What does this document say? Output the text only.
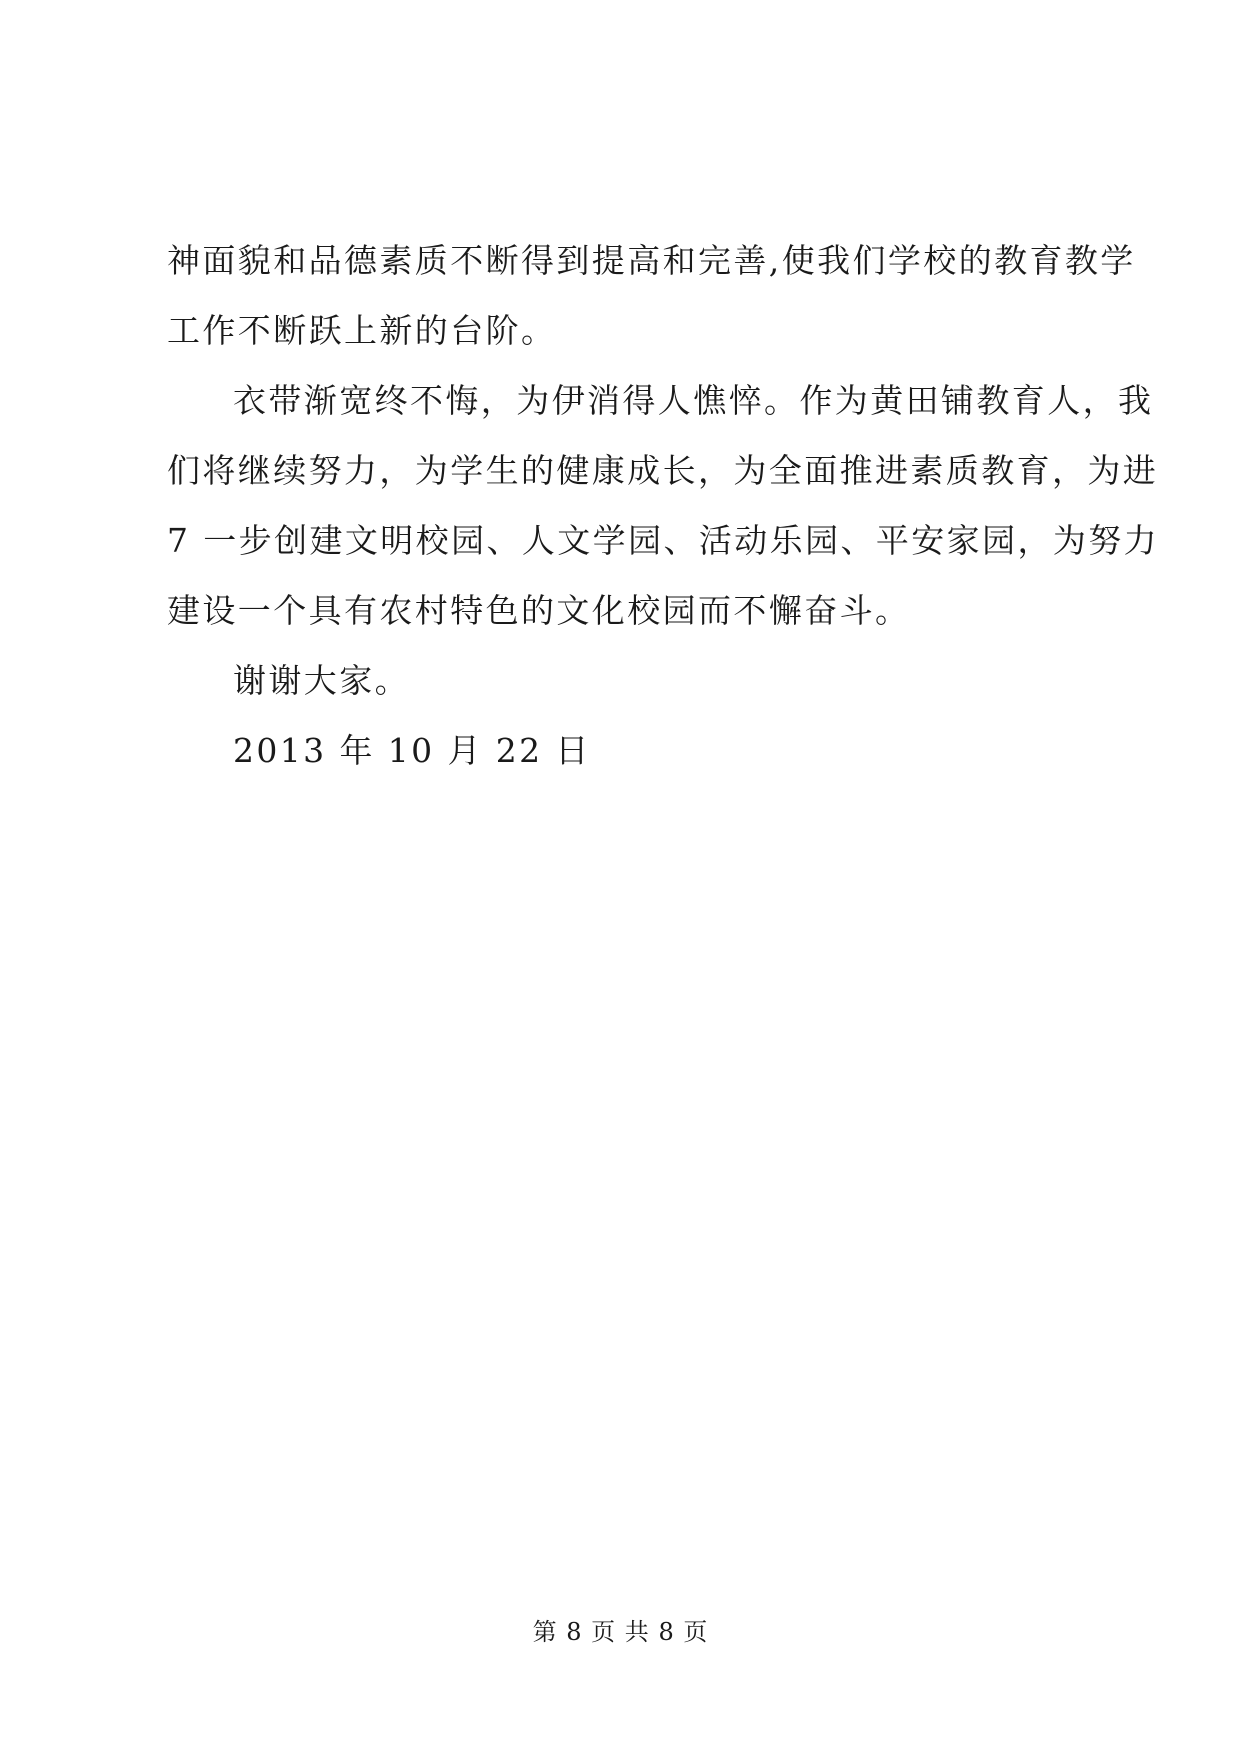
神面貌和品德素质不断得到提高和完善,使我们学校的教育教学
工作不断跃上新的台阶。
衣带渐宽终不悔，为伊消得人憔悴。作为黄田铺教育人，我
们将继续努力，为学生的健康成长，为全面推进素质教育，为进
7 一步创建文明校园、人文学园、活动乐园、平安家园，为努力
建设一个具有农村特色的文化校园而不懈奋斗。
谢谢大家。
2013 年 10 月 22 日
第 8 页 共 8 页
